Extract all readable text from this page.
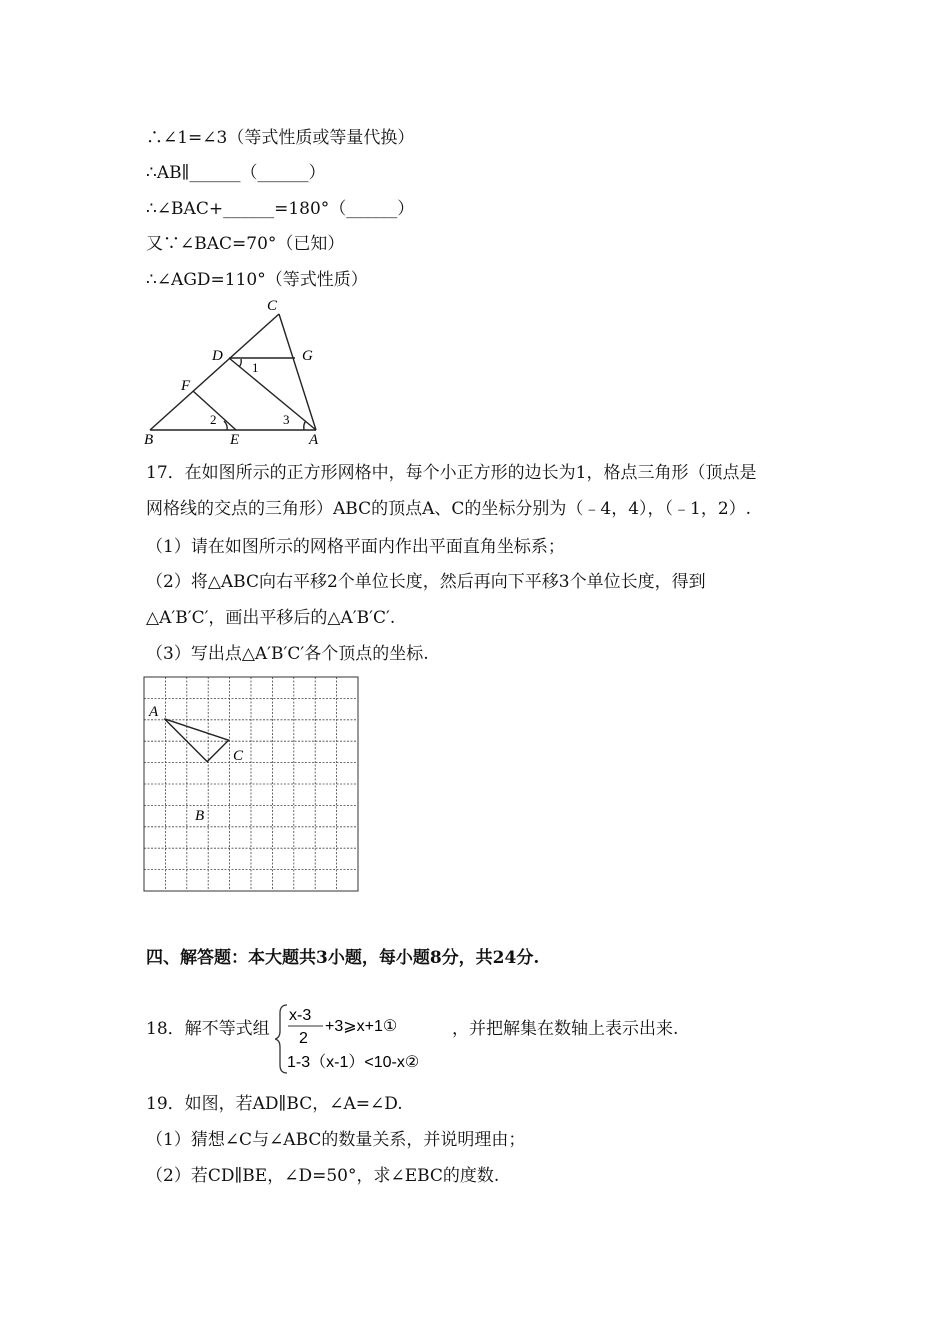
∴∠1=∠3（等式性质或等量代换）
∴AB∥______（______）
∴∠BAC+______=180°（______）
又∵∠BAC=70°（已知）
∴∠AGD=110°（等式性质）
C
D	G
F
B	E	A
1
2	3
17．在如图所示的正方形网格中，每个小正方形的边长为1，格点三角形（顶点是
网格线的交点的三角形）ABC的顶点A、C的坐标分别为（﹣4，4），（﹣1，2）.
（1）请在如图所示的网格平面内作出平面直角坐标系；
（2）将△ABC向右平移2个单位长度，然后再向下平移3个单位长度，得到
△A′B′C′，画出平移后的△A′B′C′.
（3）写出点△A′B′C′各个顶点的坐标.
A
B
C
四、解答题：本大题共3小题，每小题8分，共24分.
18．解不等式组
x-3
2
+3⩾x+1①
1-3（x-1）<10-x②
，并把解集在数轴上表示出来.
19．如图，若AD∥BC，∠A=∠D.
（1）猜想∠C与∠ABC的数量关系，并说明理由；
（2）若CD∥BE，∠D=50°，求∠EBC的度数.
